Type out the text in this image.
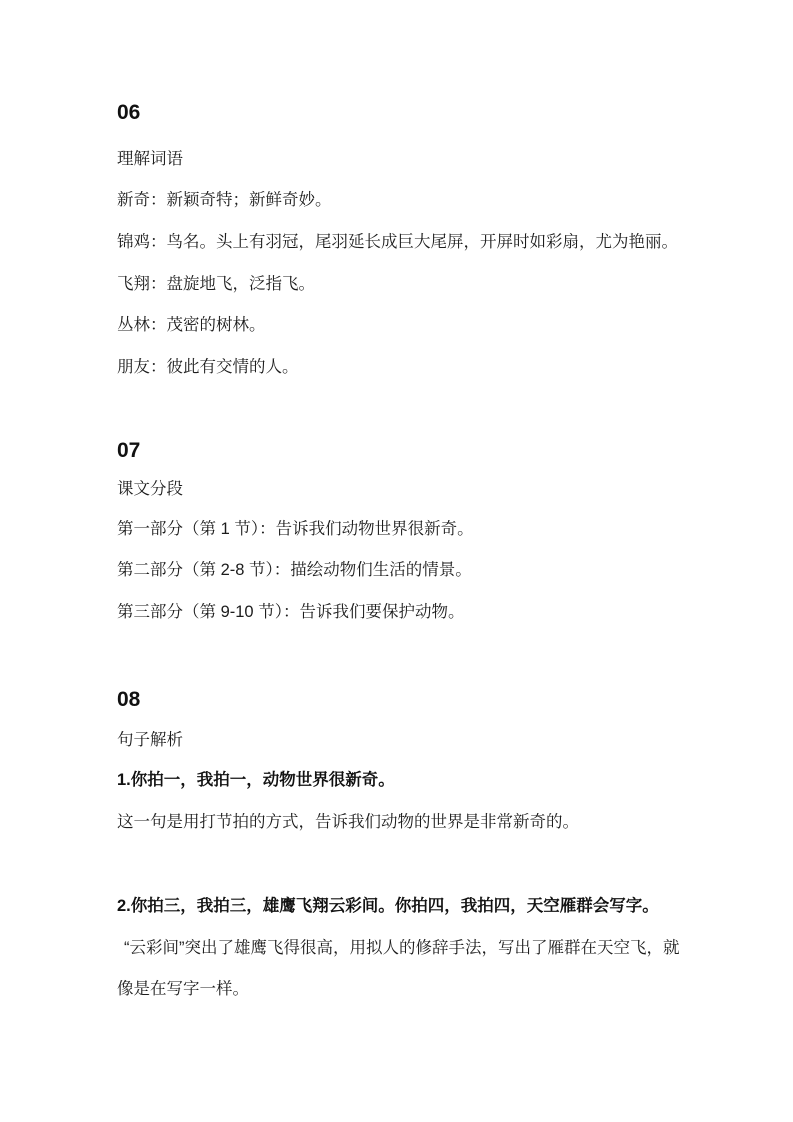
06
理解词语
新奇：新颖奇特；新鲜奇妙。
锦鸡：鸟名。头上有羽冠，尾羽延长成巨大尾屏，开屏时如彩扇，尤为艳丽。
飞翔：盘旋地飞，泛指飞。
丛林：茂密的树林。
朋友：彼此有交情的人。
07
课文分段
第一部分（第 1 节）：告诉我们动物世界很新奇。
第二部分（第 2-8 节）：描绘动物们生活的情景。
第三部分（第 9-10 节）：告诉我们要保护动物。
08
句子解析
1.你拍一，我拍一，动物世界很新奇。
这一句是用打节拍的方式，告诉我们动物的世界是非常新奇的。
2.你拍三，我拍三，雄鹰飞翔云彩间。你拍四，我拍四，天空雁群会写字。
“云彩间”突出了雄鹰飞得很高，用拟人的修辞手法，写出了雁群在天空飞，就
像是在写字一样。
